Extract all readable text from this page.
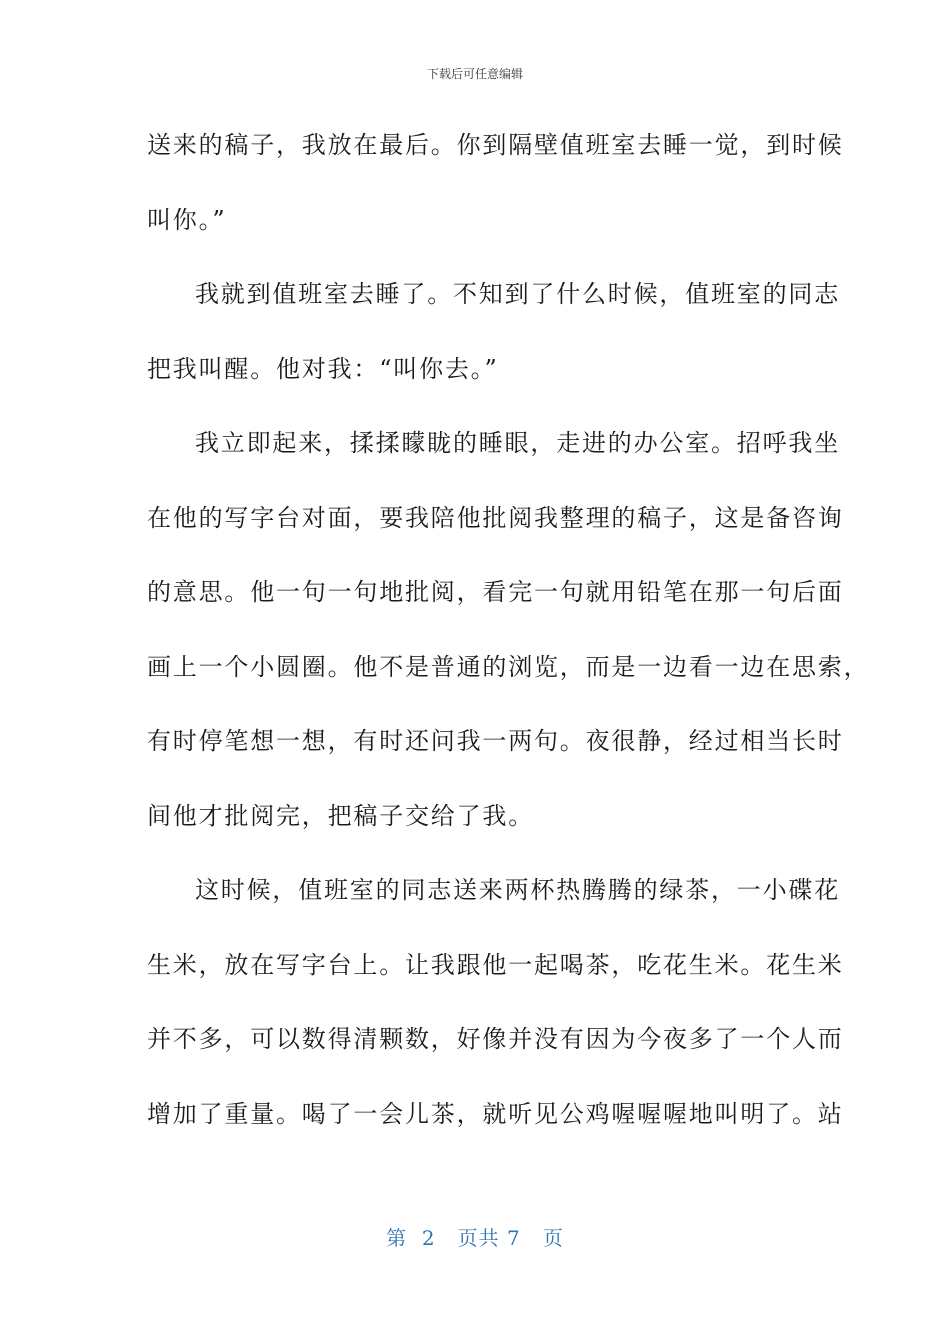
下载后可任意编辑
送来的稿子，我放在最后。你到隔壁值班室去睡一觉，到时候
叫你。”
我就到值班室去睡了。不知到了什么时候，值班室的同志
把我叫醒。他对我：“叫你去。”
我立即起来，揉揉矇眬的睡眼，走进的办公室。招呼我坐
在他的写字台对面，要我陪他批阅我整理的稿子，这是备咨询
的意思。他一句一句地批阅，看完一句就用铅笔在那一句后面
画上一个小圆圈。他不是普通的浏览，而是一边看一边在思索，
有时停笔想一想，有时还问我一两句。夜很静，经过相当长时
间他才批阅完，把稿子交给了我。
这时候，值班室的同志送来两杯热腾腾的绿茶，一小碟花
生米，放在写字台上。让我跟他一起喝茶，吃花生米。花生米
并不多，可以数得清颗数，好像并没有因为今夜多了一个人而
增加了重量。喝了一会儿茶，就听见公鸡喔喔喔地叫明了。站
第  2   页共 7   页
